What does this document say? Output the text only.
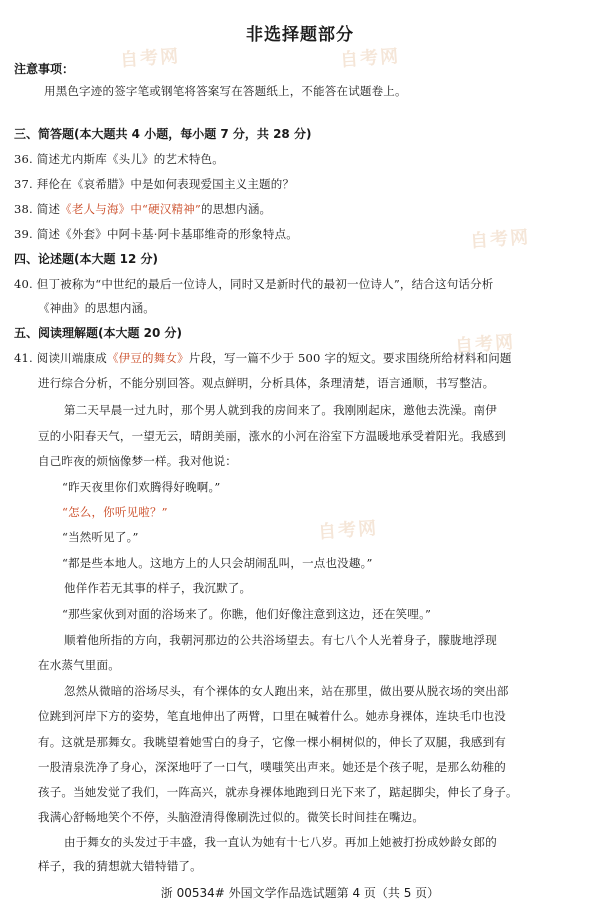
自考网	自考网
自考网
自考网
自考网
非选择题部分
注意事项：
用黑色字迹的签字笔或钢笔将答案写在答题纸上，不能答在试题卷上。
三、简答题(本大题共 4 小题，每小题 7 分，共 28 分)
36. 简述尤内斯库《头儿》的艺术特色。
37. 拜伦在《哀希腊》中是如何表现爱国主义主题的？
38. 简述《老人与海》中“硬汉精神”的思想内涵。
39. 简述《外套》中阿卡基·阿卡基耶维奇的形象特点。
四、论述题(本大题 12 分)
40. 但丁被称为“中世纪的最后一位诗人，同时又是新时代的最初一位诗人”，结合这句话分析
《神曲》的思想内涵。
五、阅读理解题(本大题 20 分)
41. 阅读川端康成《伊豆的舞女》片段，写一篇不少于 500 字的短文。要求围绕所给材料和问题
进行综合分析，不能分别回答。观点鲜明，分析具体，条理清楚，语言通顺，书写整洁。
第二天早晨一过九时，那个男人就到我的房间来了。我刚刚起床，邀他去洗澡。南伊
豆的小阳春天气，一望无云，晴朗美丽，涨水的小河在浴室下方温暖地承受着阳光。我感到
自己昨夜的烦恼像梦一样。我对他说：
“昨天夜里你们欢腾得好晚啊。”
“怎么，你听见啦？”
“当然听见了。”
“都是些本地人。这地方上的人只会胡闹乱叫，一点也没趣。”
他佯作若无其事的样子，我沉默了。
“那些家伙到对面的浴场来了。你瞧，他们好像注意到这边，还在笑哩。”
顺着他所指的方向，我朝河那边的公共浴场望去。有七八个人光着身子，朦胧地浮现
在水蒸气里面。
忽然从微暗的浴场尽头，有个裸体的女人跑出来，站在那里，做出要从脱衣场的突出部
位跳到河岸下方的姿势，笔直地伸出了两臂，口里在喊着什么。她赤身裸体，连块毛巾也没
有。这就是那舞女。我眺望着她雪白的身子，它像一棵小桐树似的，伸长了双腿，我感到有
一股清泉洗净了身心，深深地吁了一口气，噗嗤笑出声来。她还是个孩子呢，是那么幼稚的
孩子。当她发觉了我们，一阵高兴，就赤身裸体地跑到日光下来了，踮起脚尖，伸长了身子。
我满心舒畅地笑个不停，头脑澄清得像刷洗过似的。微笑长时间挂在嘴边。
由于舞女的头发过于丰盛，我一直认为她有十七八岁。再加上她被打扮成妙龄女郎的
样子，我的猜想就大错特错了。
浙 00534# 外国文学作品选试题第 4 页（共 5 页）
